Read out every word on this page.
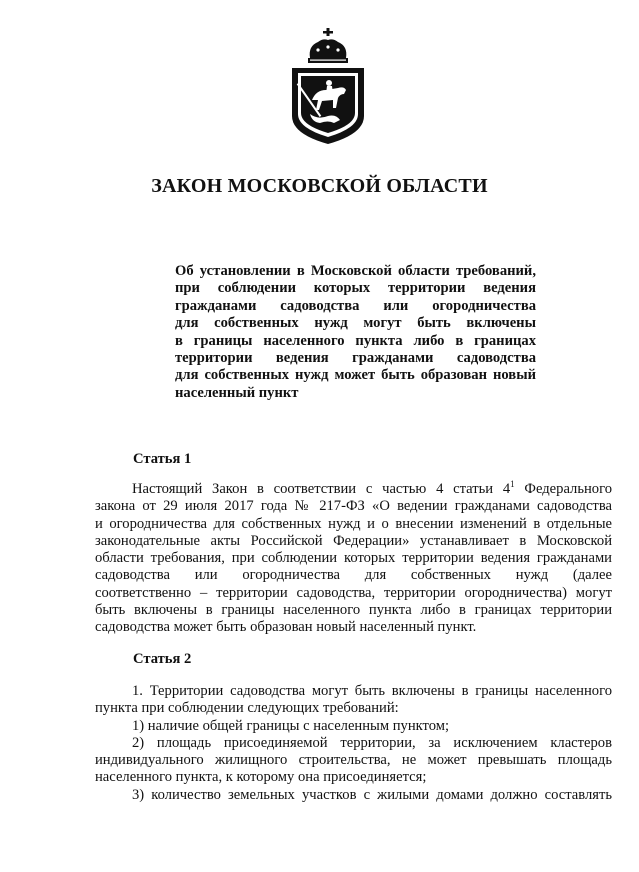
ЗАКОН МОСКОВСКОЙ ОБЛАСТИ
Об установлении в Московской области требований,
при соблюдении которых территории ведения
гражданами садоводства или огородничества
для собственных нужд могут быть включены
в границы населенного пункта либо в границах
территории ведения гражданами садоводства
для собственных нужд может быть образован новый
населенный пункт
Статья 1
Настоящий Закон в соответствии с частью 4 статьи $4^1$ Федерального
закона от 29 июля 2017 года № 217-ФЗ «О ведении гражданами садоводства
и огородничества для собственных нужд и о внесении изменений в отдельные
законодательные акты Российской Федерации» устанавливает в Московской
области требования, при соблюдении которых территории ведения гражданами
садоводства или огородничества для собственных нужд (далее
соответственно – территории садоводства, территории огородничества) могут
быть включены в границы населенного пункта либо в границах территории
садоводства может быть образован новый населенный пункт.
Статья 2
1. Территории садоводства могут быть включены в границы населенного
пункта при соблюдении следующих требований:
1) наличие общей границы с населенным пунктом;
2) площадь присоединяемой территории, за исключением кластеров
индивидуального жилищного строительства, не может превышать площадь
населенного пункта, к которому она присоединяется;
3) количество земельных участков с жилыми домами должно составлять
